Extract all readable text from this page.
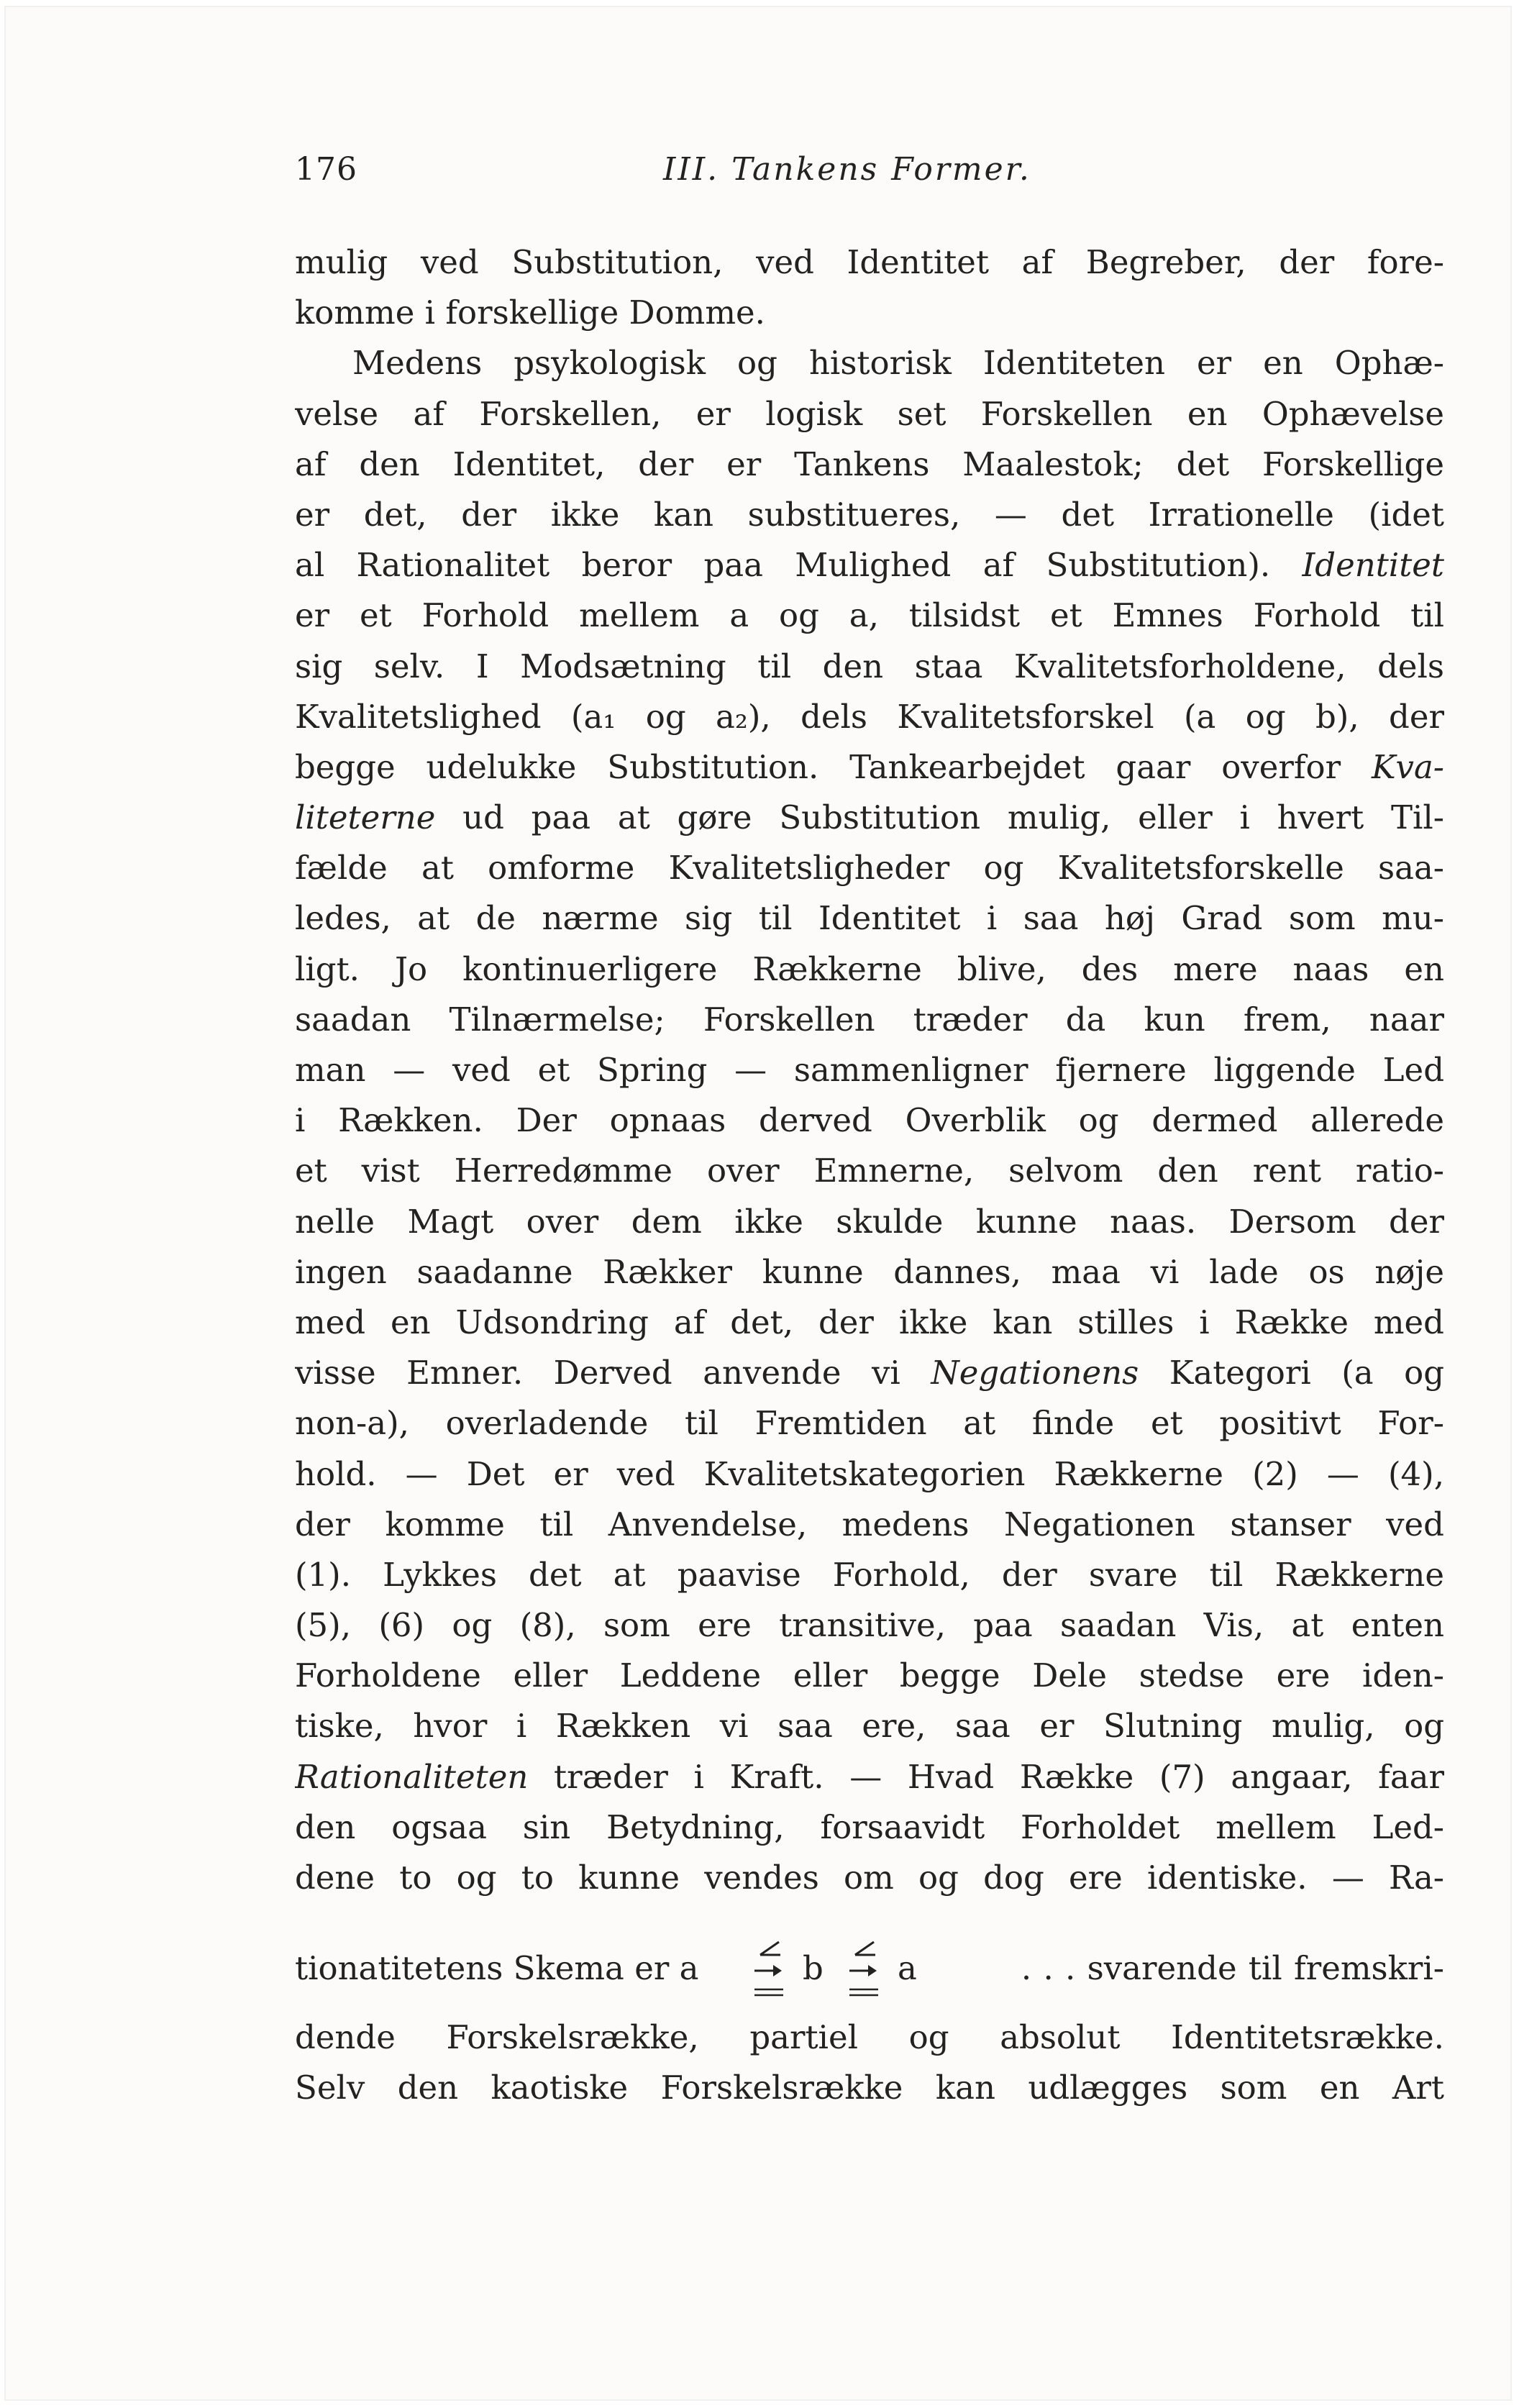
176	III. Tankens Former.
mulig ved Substitution, ved Identitet af Begreber, der fore-
komme i forskellige Domme.
Medens psykologisk og historisk Identiteten er en Ophæ-
velse af Forskellen, er logisk set Forskellen en Ophævelse
af den Identitet, der er Tankens Maalestok; det Forskellige
er det, der ikke kan substitueres, — det Irrationelle (idet
al Rationalitet beror paa Mulighed af Substitution). Identitet
er et Forhold mellem a og a, tilsidst et Emnes Forhold til
sig selv. I Modsætning til den staa Kvalitetsforholdene, dels
Kvalitetslighed (a₁ og a₂), dels Kvalitetsforskel (a og b), der
begge udelukke Substitution. Tankearbejdet gaar overfor Kva-
liteterne ud paa at gøre Substitution mulig, eller i hvert Til-
fælde at omforme Kvalitetsligheder og Kvalitetsforskelle saa-
ledes, at de nærme sig til Identitet i saa høj Grad som mu-
ligt. Jo kontinuerligere Rækkerne blive, des mere naas en
saadan Tilnærmelse; Forskellen træder da kun frem, naar
man — ved et Spring — sammenligner fjernere liggende Led
i Rækken. Der opnaas derved Overblik og dermed allerede
et vist Herredømme over Emnerne, selvom den rent ratio-
nelle Magt over dem ikke skulde kunne naas. Dersom der
ingen saadanne Rækker kunne dannes, maa vi lade os nøje
med en Udsondring af det, der ikke kan stilles i Række med
visse Emner. Derved anvende vi Negationens Kategori (a og
non-a), overladende til Fremtiden at finde et positivt For-
hold. — Det er ved Kvalitetskategorien Rækkerne (2) — (4),
der komme til Anvendelse, medens Negationen stanser ved
(1). Lykkes det at paavise Forhold, der svare til Rækkerne
(5), (6) og (8), som ere transitive, paa saadan Vis, at enten
Forholdene eller Leddene eller begge Dele stedse ere iden-
tiske, hvor i Rækken vi saa ere, saa er Slutning mulig, og
Rationaliteten træder i Kraft. — Hvad Række (7) angaar, faar
den ogsaa sin Betydning, forsaavidt Forholdet mellem Led-
dene to og to kunne vendes om og dog ere identiske. — Ra-
tionatitetens Skema er a	b a	. . . svarende til fremskri-
dende Forskelsrække, partiel og absolut Identitetsrække.
Selv den kaotiske Forskelsrække kan udlægges som en Art
